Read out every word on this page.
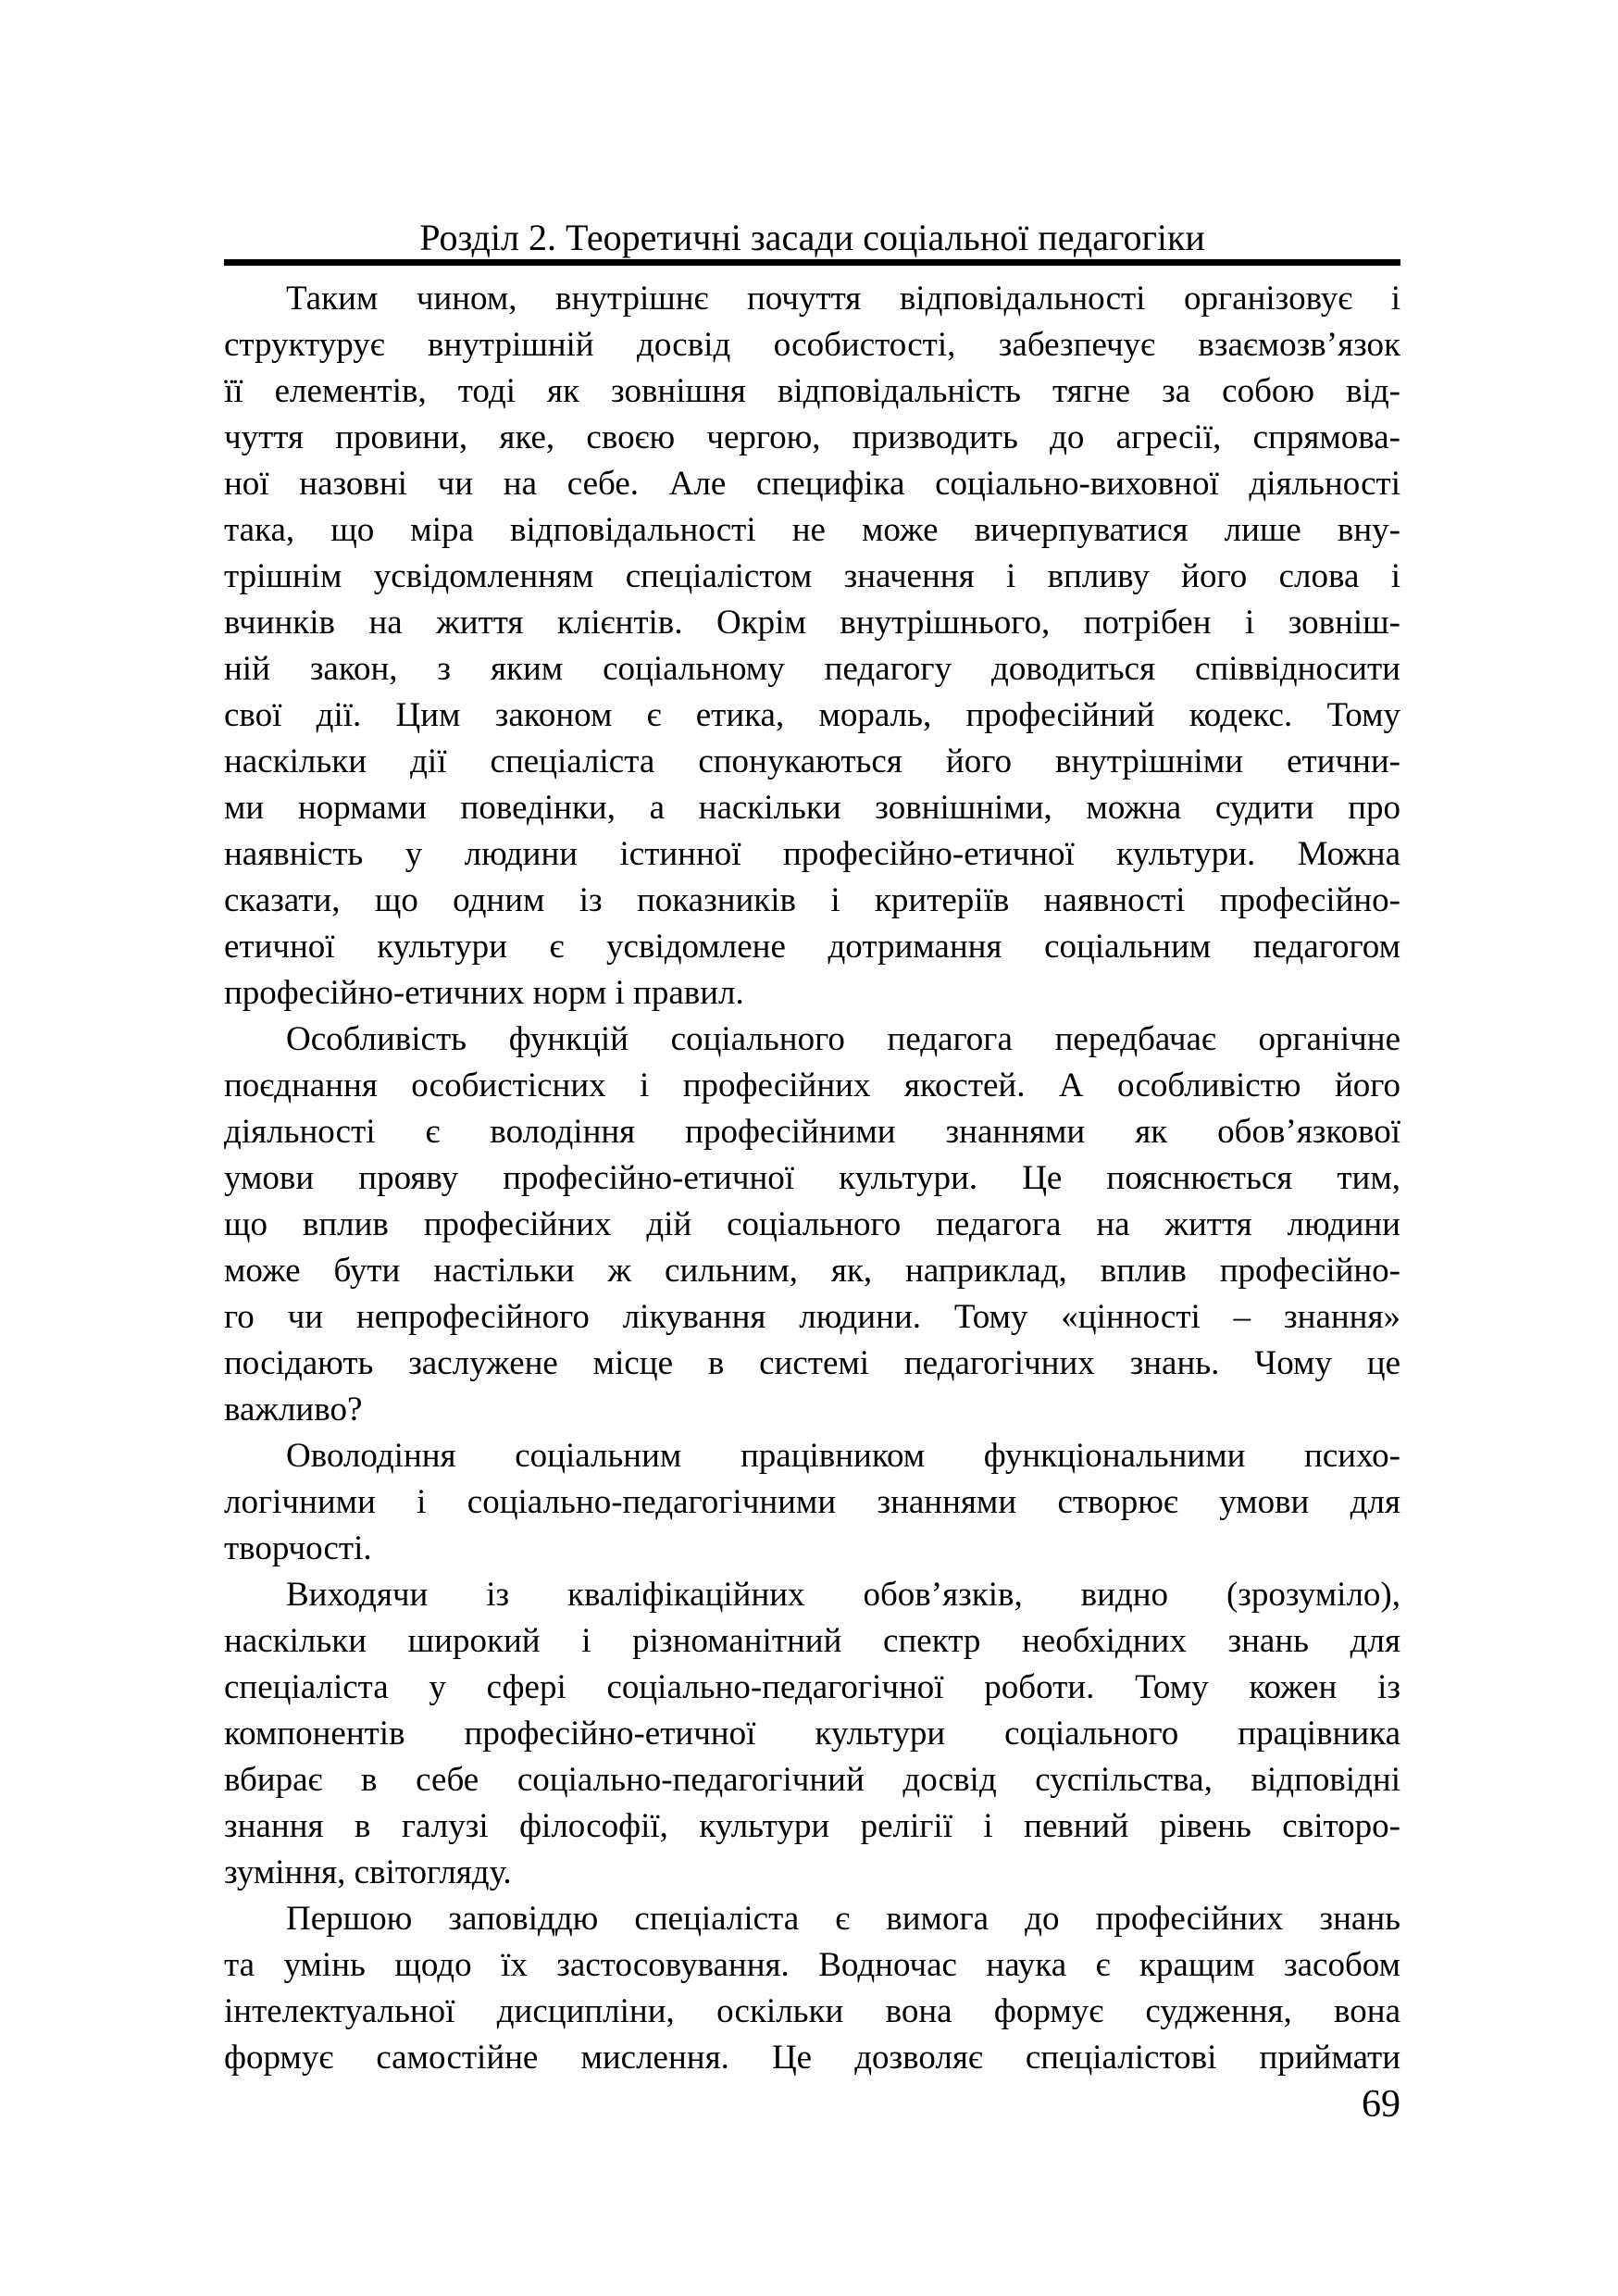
Розділ 2. Теоретичні засади соціальної педагогіки
Таким чином, внутрішнє почуття відповідальності організовує і
структурує внутрішній досвід особистості, забезпечує взаємозв’язок
її елементів, тоді як зовнішня відповідальність тягне за собою від-
чуття провини, яке, своєю чергою, призводить до агресії, спрямова-
ної назовні чи на себе. Але специфіка соціально-виховної діяльності
така, що міра відповідальності не може вичерпуватися лише вну-
трішнім усвідомленням спеціалістом значення і впливу його слова і
вчинків на життя клієнтів. Окрім внутрішнього, потрібен і зовніш-
ній закон, з яким соціальному педагогу доводиться співвідносити
свої дії. Цим законом є етика, мораль, професійний кодекс. Тому
наскільки дії спеціаліста спонукаються його внутрішніми етични-
ми нормами поведінки, а наскільки зовнішніми, можна судити про
наявність у людини істинної професійно-етичної культури. Можна
сказати, що одним із показників і критеріїв наявності професійно-
етичної культури є усвідомлене дотримання соціальним педагогом
професійно-етичних норм і правил.
Особливість функцій соціального педагога передбачає органічне
поєднання особистісних і професійних якостей. А особливістю його
діяльності є володіння професійними знаннями як обов’язкової
умови прояву професійно-етичної культури. Це пояснюється тим,
що вплив професійних дій соціального педагога на життя людини
може бути настільки ж сильним, як, наприклад, вплив професійно-
го чи непрофесійного лікування людини. Тому «цінності – знання»
посідають заслужене місце в системі педагогічних знань. Чому це
важливо?
Оволодіння соціальним працівником функціональними психо-
логічними і соціально-педагогічними знаннями створює умови для
творчості.
Виходячи із кваліфікаційних обов’язків, видно (зрозуміло),
наскільки широкий і різноманітний спектр необхідних знань для
спеціаліста у сфері соціально-педагогічної роботи. Тому кожен із
компонентів професійно-етичної культури соціального працівника
вбирає в себе соціально-педагогічний досвід суспільства, відповідні
знання в галузі філософії, культури релігії і певний рівень світоро-
зуміння, світогляду.
Першою заповіддю спеціаліста є вимога до професійних знань
та умінь щодо їх застосовування. Водночас наука є кращим засобом
інтелектуальної дисципліни, оскільки вона формує судження, вона
формує самостійне мислення. Це дозволяє спеціалістові приймати
69
